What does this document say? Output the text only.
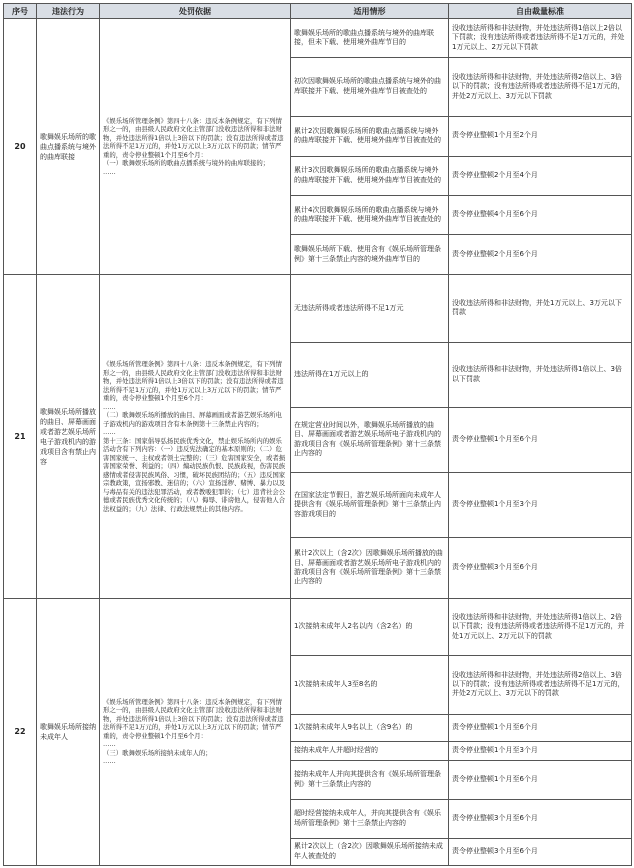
序号	违法行为	处罚依据	适用情形	自由裁量标准
20	歌舞娱乐场所的歌曲点播系统与境外的曲库联接	《娱乐场所管理条例》第四十八条：违反本条例规定，有下列情形之一的，由县级人民政府文化主管部门没收违法所得和非法财物，并处违法所得1倍以上3倍以下的罚款；没有违法所得或者违法所得不足1万元的，并处1万元以上3万元以下的罚款；情节严重的，责令停业整顿1个月至6个月：
（一）歌舞娱乐场所的歌曲点播系统与境外的曲库联接的；
……	歌舞娱乐场所的歌曲点播系统与境外的曲库联接，但未下载、使用境外曲库节目的	没收违法所得和非法财物，并处违法所得1倍以上2倍以下罚款；没有违法所得或者违法所得不足1万元的，并处1万元以上、2万元以下罚款
			初次因歌舞娱乐场所的歌曲点播系统与境外的曲库联接并下载、使用境外曲库节目被查处的	没收违法所得和非法财物，并处违法所得2倍以上、3倍以下的罚款；没有违法所得或者违法所得不足1万元的，并处2万元以上、3万元以下罚款
			累计2次因歌舞娱乐场所的歌曲点播系统与境外的曲库联接并下载、使用境外曲库节目被查处的	责令停业整顿1个月至2个月
			累计3次因歌舞娱乐场所的歌曲点播系统与境外的曲库联接并下载、使用境外曲库节目被查处的	责令停业整顿2个月至4个月
			累计4次因歌舞娱乐场所的歌曲点播系统与境外的曲库联接并下载、使用境外曲库节目被查处的	责令停业整顿4个月至6个月
			歌舞娱乐场所下载、使用含有《娱乐场所管理条例》第十三条禁止内容的境外曲库节目的	责令停业整顿2个月至6个月
21	歌舞娱乐场所播放的曲目、屏幕画面或者游艺娱乐场所电子游戏机内的游戏项目含有禁止内容	《娱乐场所管理条例》第四十八条：违反本条例规定，有下列情形之一的，由县级人民政府文化主管部门没收违法所得和非法财物，并处违法所得1倍以上3倍以下的罚款；没有违法所得或者违法所得不足1万元的，并处1万元以上3万元以下的罚款；情节严重的，责令停业整顿1个月至6个月：
……
（二）歌舞娱乐场所播放的曲目、屏幕画面或者游艺娱乐场所电子游戏机内的游戏项目含有本条例第十三条禁止内容的；
……
第十三条：国家倡导弘扬民族优秀文化，禁止娱乐场所内的娱乐活动含有下列内容：（一）违反宪法确定的基本原则的；（二）危害国家统一、主权或者领土完整的；（三）危害国家安全，或者损害国家荣誉、利益的；（四）煽动民族仇恨、民族歧视，伤害民族感情或者侵害民族风俗、习惯，破坏民族团结的；（五）违反国家宗教政策，宣扬邪教、迷信的；（六）宣扬淫秽、赌博、暴力以及与毒品有关的违法犯罪活动，或者教唆犯罪的；（七）违背社会公德或者民族优秀文化传统的；（八）侮辱、诽谤他人，侵害他人合法权益的；（九）法律、行政法规禁止的其他内容。	无违法所得或者违法所得不足1万元	没收违法所得和非法财物，并处1万元以上、3万元以下罚款
			违法所得在1万元以上的	没收违法所得和非法财物，并处违法所得1倍以上、3倍以下罚款
			在规定营业时间以外，歌舞娱乐场所播放的曲目、屏幕画面或者游艺娱乐场所电子游戏机内的游戏项目含有《娱乐场所管理条例》第十三条禁止内容的	责令停业整顿1个月至6个月
			在国家法定节假日，游艺娱乐场所面向未成年人提供含有《娱乐场所管理条例》第十三条禁止内容游戏项目的	责令停业整顿1个月至3个月
			累计2次以上（含2次）因歌舞娱乐场所播放的曲目、屏幕画面或者游艺娱乐场所电子游戏机内的游戏项目含有《娱乐场所管理条例》第十三条禁止内容的	责令停业整顿3个月至6个月
22	歌舞娱乐场所接纳未成年人	《娱乐场所管理条例》第四十八条：违反本条例规定，有下列情形之一的，由县级人民政府文化主管部门没收违法所得和非法财物，并处违法所得1倍以上3倍以下的罚款；没有违法所得或者违法所得不足1万元的，并处1万元以上3万元以下的罚款；情节严重的，责令停业整顿1个月至6个月：
……
（三）歌舞娱乐场所接纳未成年人的；
……	1次接纳未成年人2名以内（含2名）的	没收违法所得和非法财物，并处违法所得1倍以上、2倍以下罚款；没有违法所得或者违法所得不足1万元的，并处1万元以上、2万元以下的罚款
			1次接纳未成年人3至8名的	没收违法所得和非法财物，并处违法所得2倍以上、3倍以下的罚款；没有违法所得或者违法所得不足1万元的，并处2万元以上、3万元以下的罚款
			1次接纳未成年人9名以上（含9名）的	责令停业整顿1个月至6个月
			接纳未成年人并超时经营的	责令停业整顿1个月至3个月
			接纳未成年人并向其提供含有《娱乐场所管理条例》第十三条禁止内容的	责令停业整顿1个月至6个月
			超时经营接纳未成年人，并向其提供含有《娱乐场所管理条例》第十三条禁止内容的	责令停业整顿3个月至6个月
			累计2次以上（含2次）因歌舞娱乐场所接纳未成年人被查处的	责令停业整顿3个月至6个月
